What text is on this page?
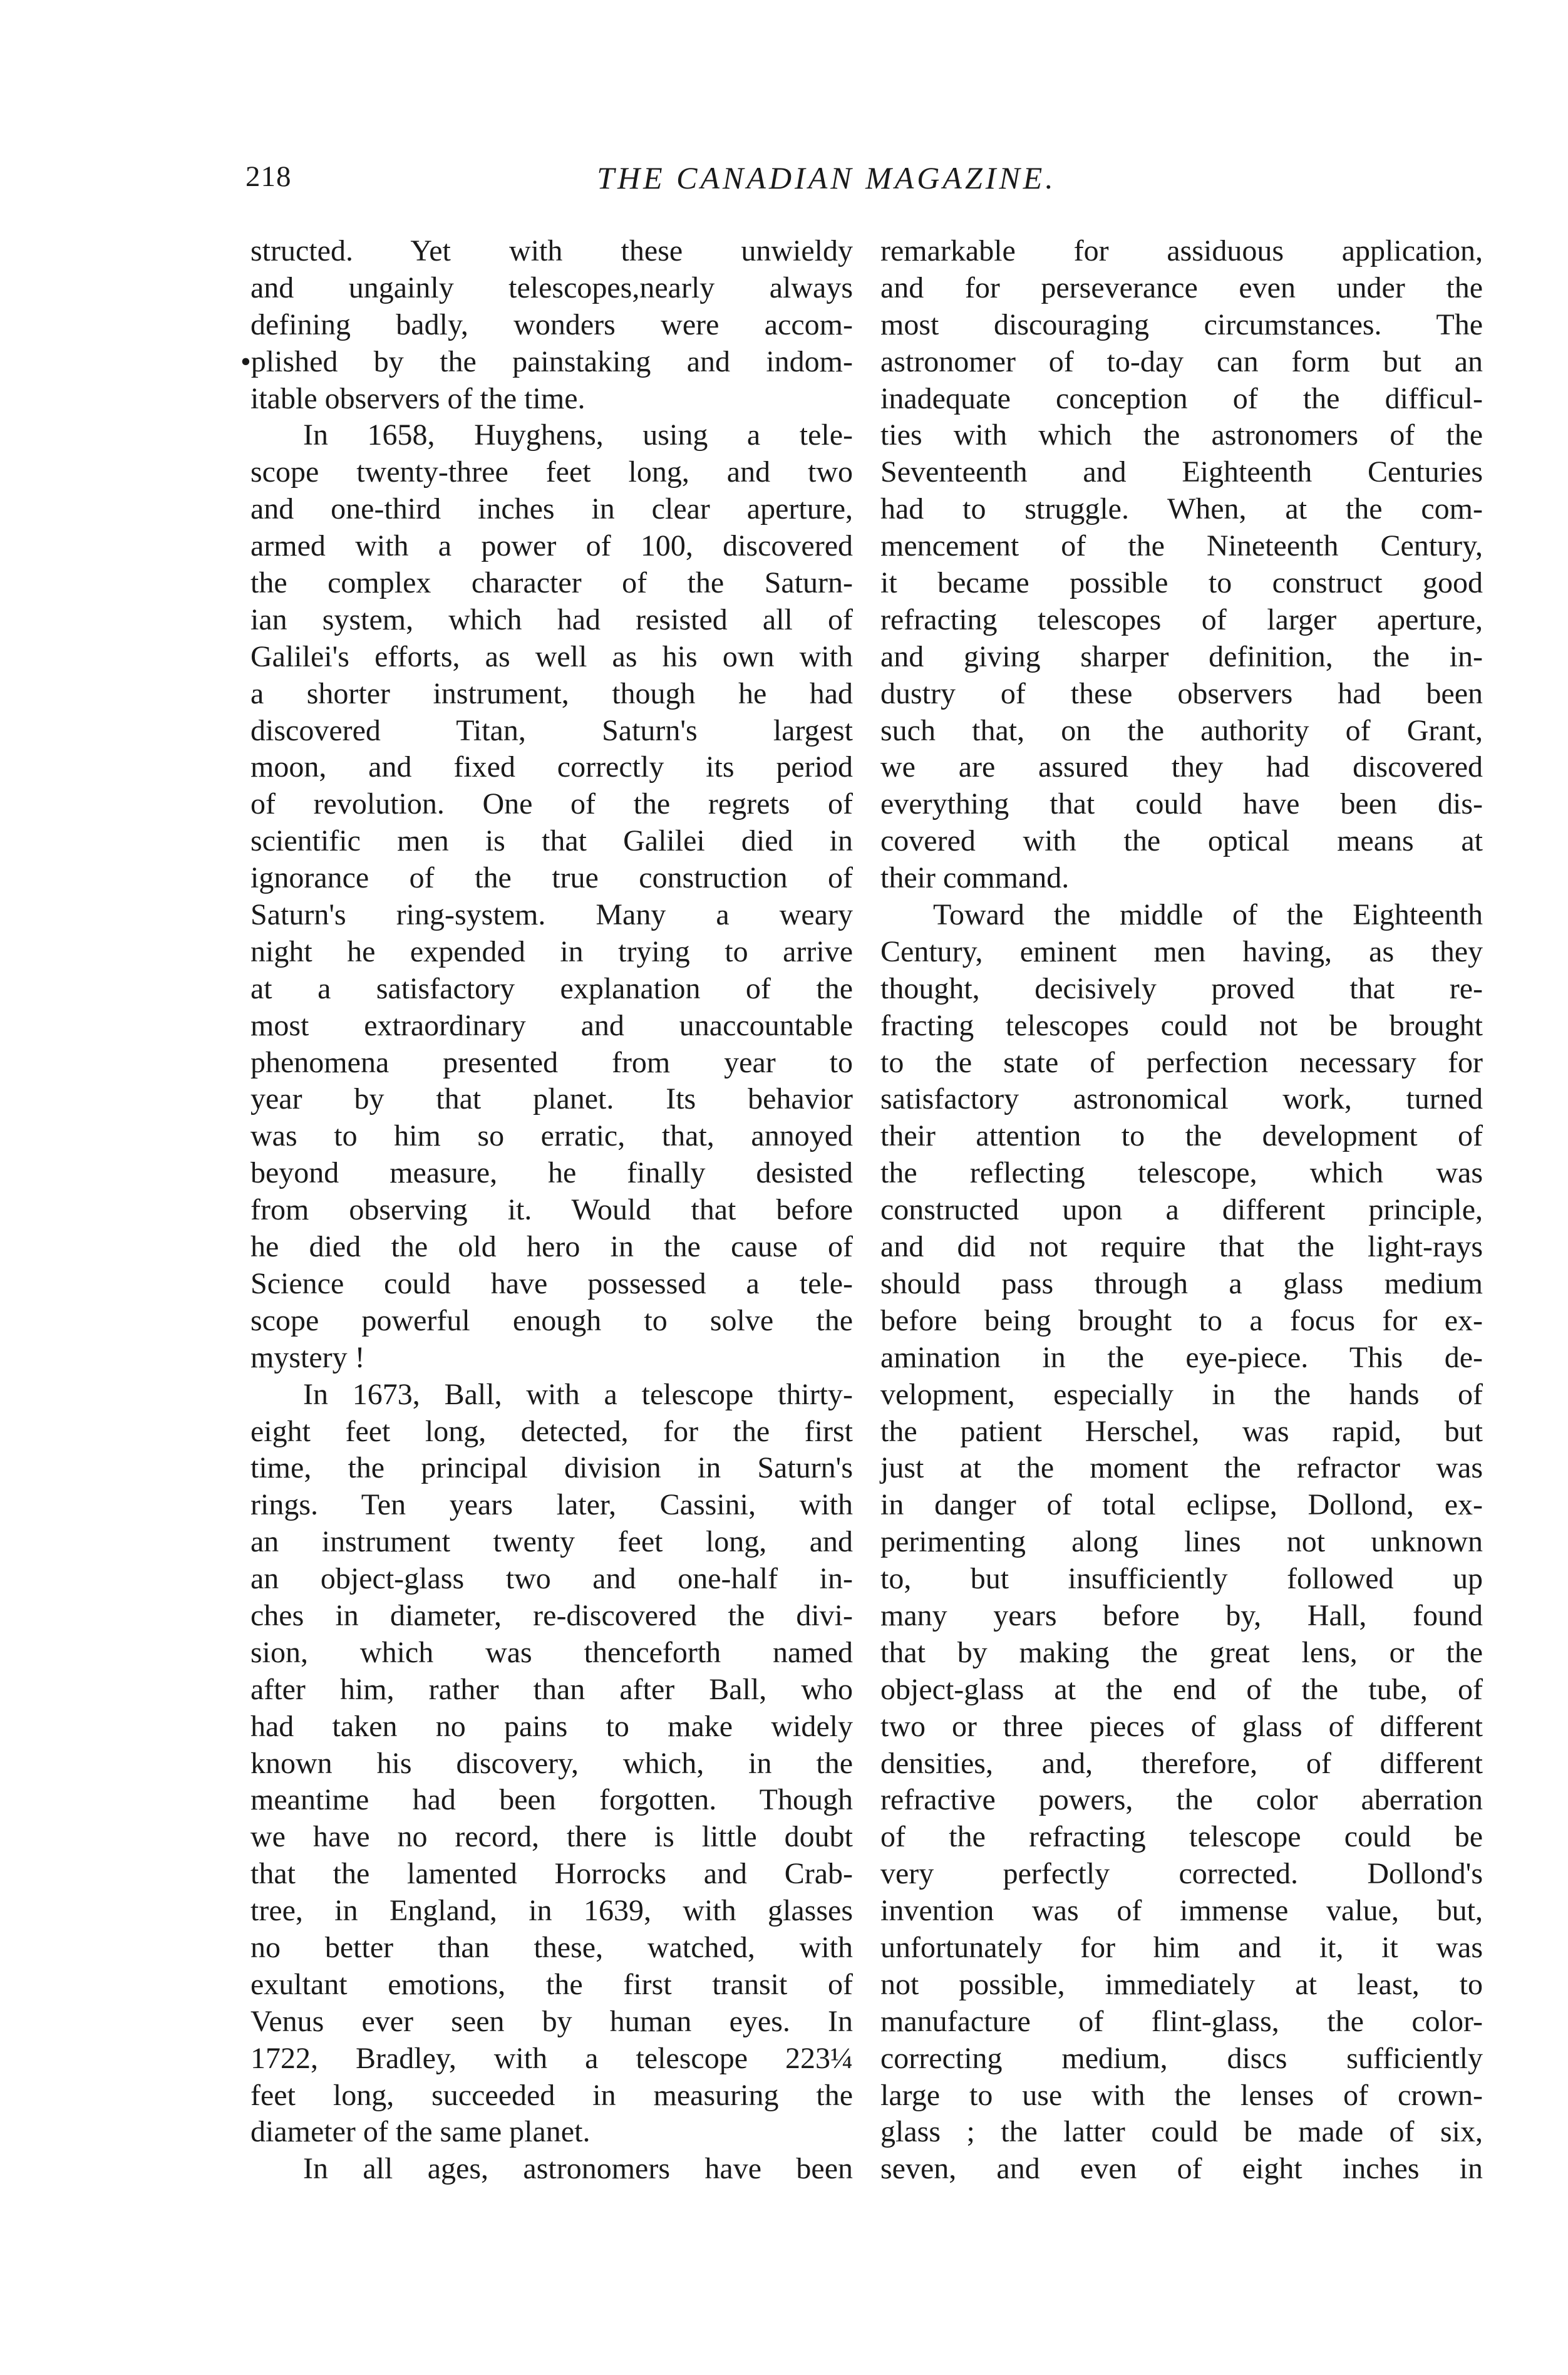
218	THE CANADIAN MAGAZINE.
structed. Yet with these unwieldy
and ungainly telescopes,nearly always
defining badly, wonders were accom-
•plished by the painstaking and indom-
itable observers of the time.
In 1658, Huyghens, using a tele-
scope twenty-three feet long, and two
and one-third inches in clear aperture,
armed with a power of 100, discovered
the complex character of the Saturn-
ian system, which had resisted all of
Galilei's efforts, as well as his own with
a shorter instrument, though he had
discovered Titan, Saturn's largest
moon, and fixed correctly its period
of revolution. One of the regrets of
scientific men is that Galilei died in
ignorance of the true construction of
Saturn's ring-system. Many a weary
night he expended in trying to arrive
at a satisfactory explanation of the
most extraordinary and unaccountable
phenomena presented from year to
year by that planet. Its behavior
was to him so erratic, that, annoyed
beyond measure, he finally desisted
from observing it. Would that before
he died the old hero in the cause of
Science could have possessed a tele-
scope powerful enough to solve the
mystery !
In 1673, Ball, with a telescope thirty-
eight feet long, detected, for the first
time, the principal division in Saturn's
rings. Ten years later, Cassini, with
an instrument twenty feet long, and
an object-glass two and one-half in-
ches in diameter, re-discovered the divi-
sion, which was thenceforth named
after him, rather than after Ball, who
had taken no pains to make widely
known his discovery, which, in the
meantime had been forgotten. Though
we have no record, there is little doubt
that the lamented Horrocks and Crab-
tree, in England, in 1639, with glasses
no better than these, watched, with
exultant emotions, the first transit of
Venus ever seen by human eyes. In
1722, Bradley, with a telescope 223¼
feet long, succeeded in measuring the
diameter of the same planet.
In all ages, astronomers have been
remarkable for assiduous application,
and for perseverance even under the
most discouraging circumstances. The
astronomer of to-day can form but an
inadequate conception of the difficul-
ties with which the astronomers of the
Seventeenth and Eighteenth Centuries
had to struggle. When, at the com-
mencement of the Nineteenth Century,
it became possible to construct good
refracting telescopes of larger aperture,
and giving sharper definition, the in-
dustry of these observers had been
such that, on the authority of Grant,
we are assured they had discovered
everything that could have been dis-
covered with the optical means at
their command.
Toward the middle of the Eighteenth
Century, eminent men having, as they
thought, decisively proved that re-
fracting telescopes could not be brought
to the state of perfection necessary for
satisfactory astronomical work, turned
their attention to the development of
the reflecting telescope, which was
constructed upon a different principle,
and did not require that the light-rays
should pass through a glass medium
before being brought to a focus for ex-
amination in the eye-piece. This de-
velopment, especially in the hands of
the patient Herschel, was rapid, but
just at the moment the refractor was
in danger of total eclipse, Dollond, ex-
perimenting along lines not unknown
to, but insufficiently followed up
many years before by, Hall, found
that by making the great lens, or the
object-glass at the end of the tube, of
two or three pieces of glass of different
densities, and, therefore, of different
refractive powers, the color aberration
of the refracting telescope could be
very perfectly corrected. Dollond's
invention was of immense value, but,
unfortunately for him and it, it was
not possible, immediately at least, to
manufacture of flint-glass, the color-
correcting medium, discs sufficiently
large to use with the lenses of crown-
glass ; the latter could be made of six,
seven, and even of eight inches in
